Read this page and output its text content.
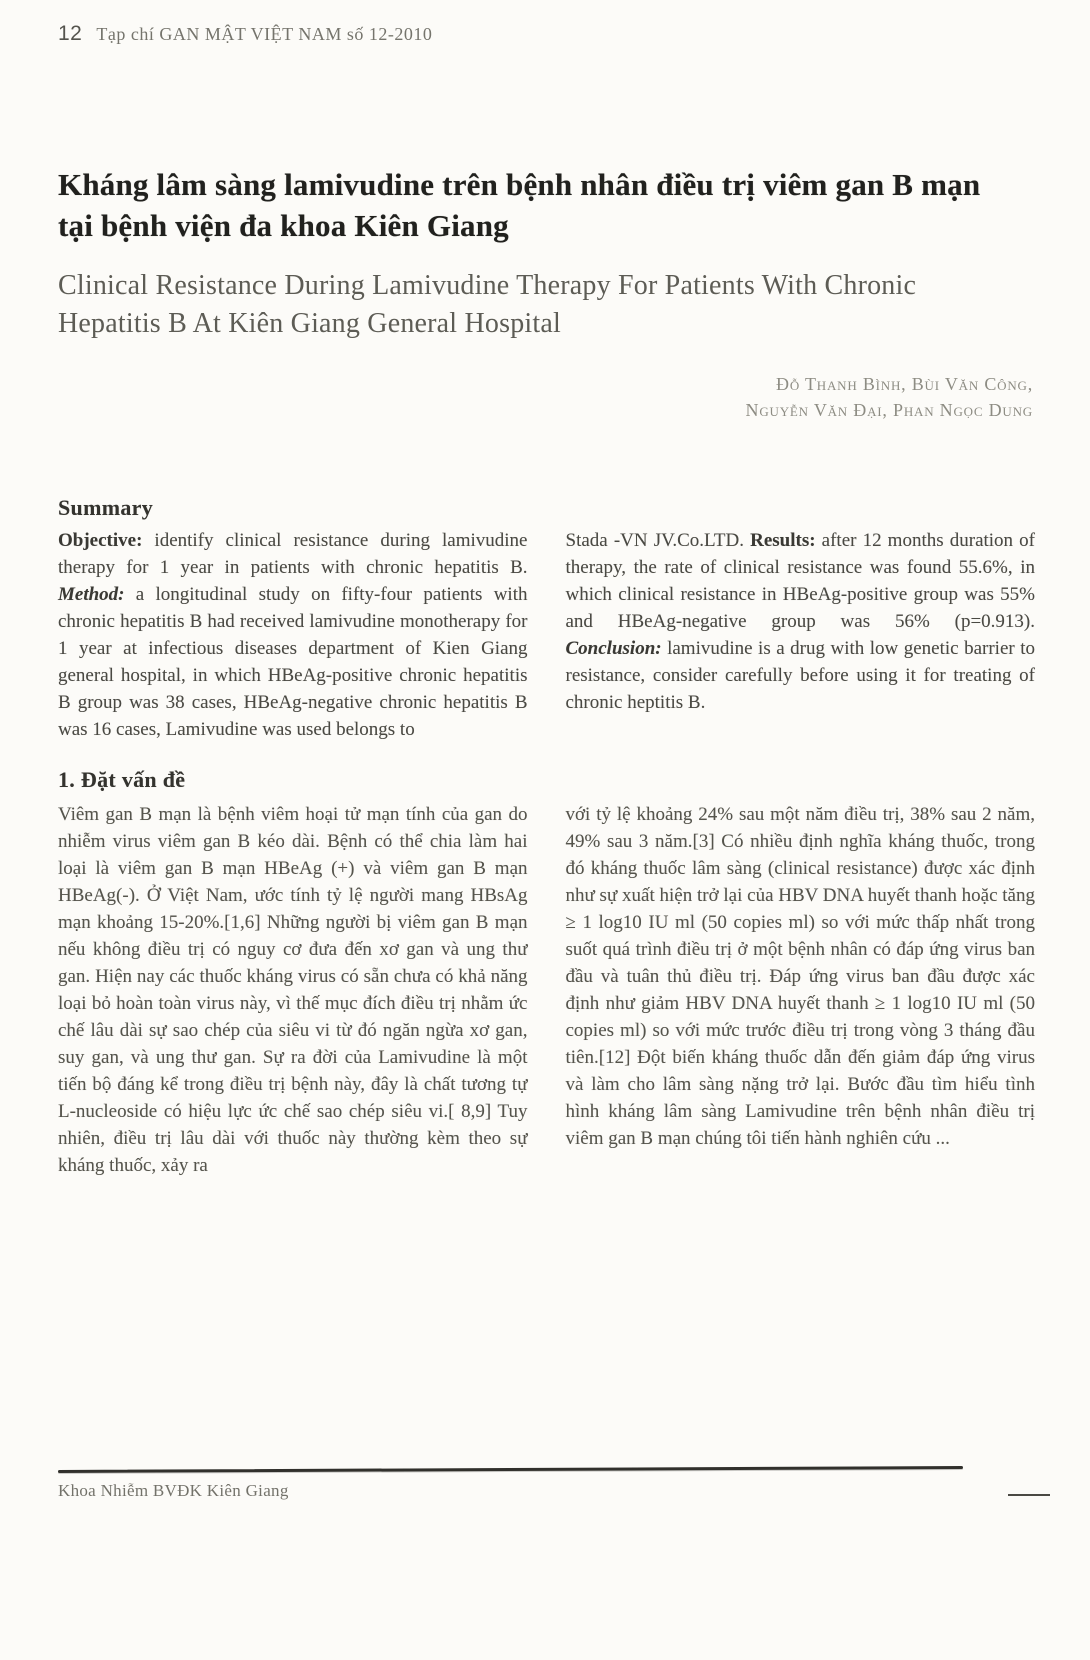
12 Tạp chí GAN MẬT VIỆT NAM số 12-2010
Kháng lâm sàng lamivudine trên bệnh nhân điều trị viêm gan B mạn tại bệnh viện đa khoa Kiên Giang
Clinical Resistance During Lamivudine Therapy For Patients With Chronic Hepatitis B At Kiên Giang General Hospital
Đỗ Thanh Bình, Bùi Văn Công,
Nguyễn Văn Đại, Phan Ngọc Dung
Summary

Objective: identify clinical resistance during lamivudine therapy for 1 year in patients with chronic hepatitis B. Method: a longitudinal study on fifty-four patients with chronic hepatitis B had received lamivudine monotherapy for 1 year at infectious diseases department of Kien Giang general hospital, in which HBeAg-positive chronic hepatitis B group was 38 cases, HBeAg-negative chronic hepatitis B was 16 cases, Lamivudine was used belongs to

Stada -VN JV.Co.LTD. Results: after 12 months duration of therapy, the rate of clinical resistance was found 55.6%, in which clinical resistance in HBeAg-positive group was 55% and HBeAg-negative group was 56% (p=0.913). Conclusion: lamivudine is a drug with low genetic barrier to resistance, consider carefully before using it for treating of chronic heptitis B.

1. Đặt vấn đề

Viêm gan B mạn là bệnh viêm hoại tử mạn tính của gan do nhiễm virus viêm gan B kéo dài. Bệnh có thể chia làm hai loại là viêm gan B mạn HBeAg (+) và viêm gan B mạn HBeAg(-). Ở Việt Nam, ước tính tỷ lệ người mang HBsAg mạn khoảng 15-20%.[1,6] Những người bị viêm gan B mạn nếu không điều trị có nguy cơ đưa đến xơ gan và ung thư gan. Hiện nay các thuốc kháng virus có sẵn chưa có khả năng loại bỏ hoàn toàn virus này, vì thế mục đích điều trị nhằm ức chế lâu dài sự sao chép của siêu vi từ đó ngăn ngừa xơ gan, suy gan, và ung thư gan. Sự ra đời của Lamivudine là một tiến bộ đáng kể trong điều trị bệnh này, đây là chất tương tự L-nucleoside có hiệu lực ức chế sao chép siêu vi.[ 8,9] Tuy nhiên, điều trị lâu dài với thuốc này thường kèm theo sự kháng thuốc, xảy ra

với tỷ lệ khoảng 24% sau một năm điều trị, 38% sau 2 năm, 49% sau 3 năm.[3] Có nhiều định nghĩa kháng thuốc, trong đó kháng thuốc lâm sàng (clinical resistance) được xác định như sự xuất hiện trở lại của HBV DNA huyết thanh hoặc tăng ≥ 1 log10 IU ml (50 copies ml) so với mức thấp nhất trong suốt quá trình điều trị ở một bệnh nhân có đáp ứng virus ban đầu và tuân thủ điều trị. Đáp ứng virus ban đầu được xác định như giảm HBV DNA huyết thanh ≥ 1 log10 IU ml (50 copies ml) so với mức trước điều trị trong vòng 3 tháng đầu tiên.[12] Đột biến kháng thuốc dẫn đến giảm đáp ứng virus và làm cho lâm sàng nặng trở lại. Bước đầu tìm hiểu tình hình kháng lâm sàng Lamivudine trên bệnh nhân điều trị viêm gan B mạn chúng tôi tiến hành nghiên cứu ...

Khoa Nhiễm BVĐK Kiên Giang
